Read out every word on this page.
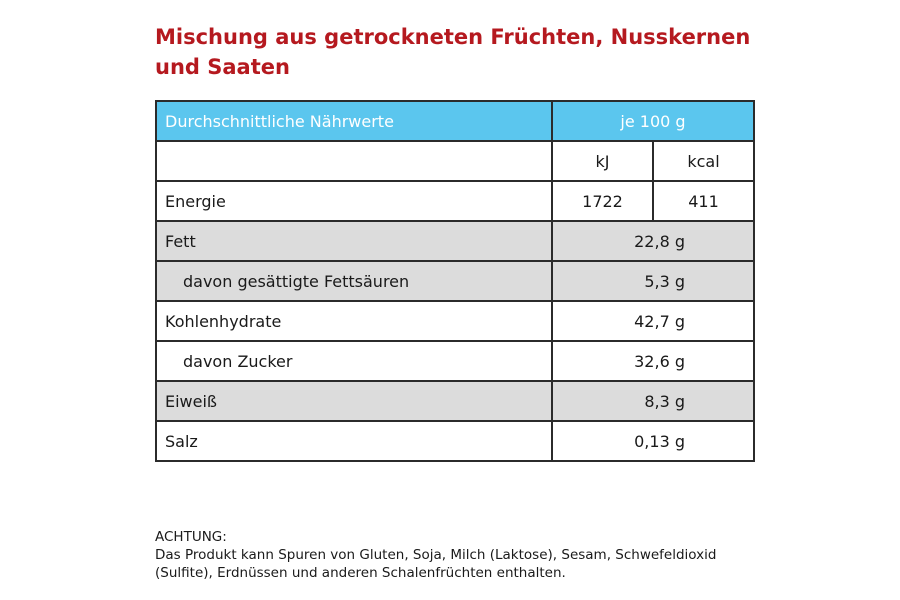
Mischung aus getrockneten Früchten, Nusskernen
und Saaten
Durchschnittliche Nährwerte	je 100 g	
	kJ	kcal
Energie	1722	411
Fett	22,8 g	
davon gesättigte Fettsäuren	5,3 g	
Kohlenhydrate	42,7 g	
davon Zucker	32,6 g	
Eiweiß	8,3 g	
Salz	0,13 g	
ACHTUNG:
Das Produkt kann Spuren von Gluten, Soja, Milch (Laktose), Sesam, Schwefeldioxid
(Sulfite), Erdnüssen und anderen Schalenfrüchten enthalten.
